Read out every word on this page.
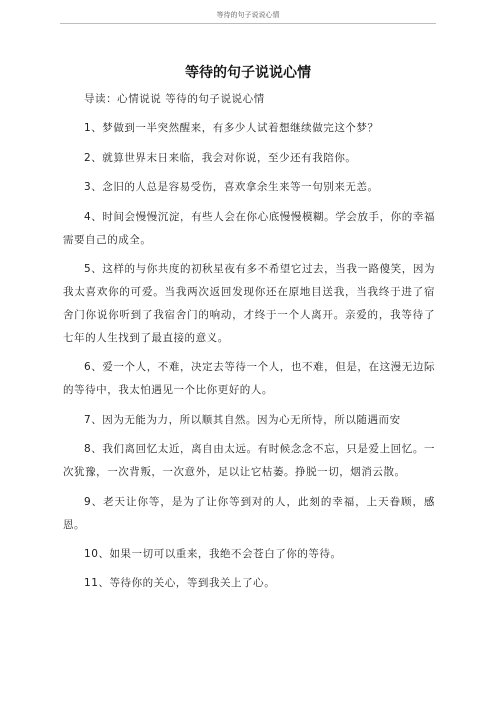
等待的句子说说心情
等待的句子说说心情

导读：心情说说 等待的句子说说心情

1、梦做到一半突然醒来，有多少人试着想继续做完这个梦？

2、就算世界末日来临，我会对你说，至少还有我陪你。

3、念旧的人总是容易受伤，喜欢拿余生来等一句别来无恙。

4、时间会慢慢沉淀，有些人会在你心底慢慢模糊。学会放手，你的幸福需要自己的成全。

5、这样的与你共度的初秋星夜有多不希望它过去，当我一路傻笑，因为我太喜欢你的可爱。当我两次返回发现你还在原地目送我，当我终于进了宿舍门你说你听到了我宿舍门的响动，才终于一个人离开。亲爱的，我等待了七年的人生找到了最直接的意义。

6、爱一个人，不难，决定去等待一个人，也不难，但是，在这漫无边际的等待中，我太怕遇见一个比你更好的人。

7、因为无能为力，所以顺其自然。因为心无所恃，所以随遇而安

8、我们离回忆太近，离自由太远。有时候念念不忘，只是爱上回忆。一次犹豫，一次背叛，一次意外，足以让它枯萎。挣脱一切，烟消云散。

9、老天让你等，是为了让你等到对的人，此刻的幸福，上天眷顾，感恩。

10、如果一切可以重来，我绝不会苍白了你的等待。

11、等待你的关心，等到我关上了心。
